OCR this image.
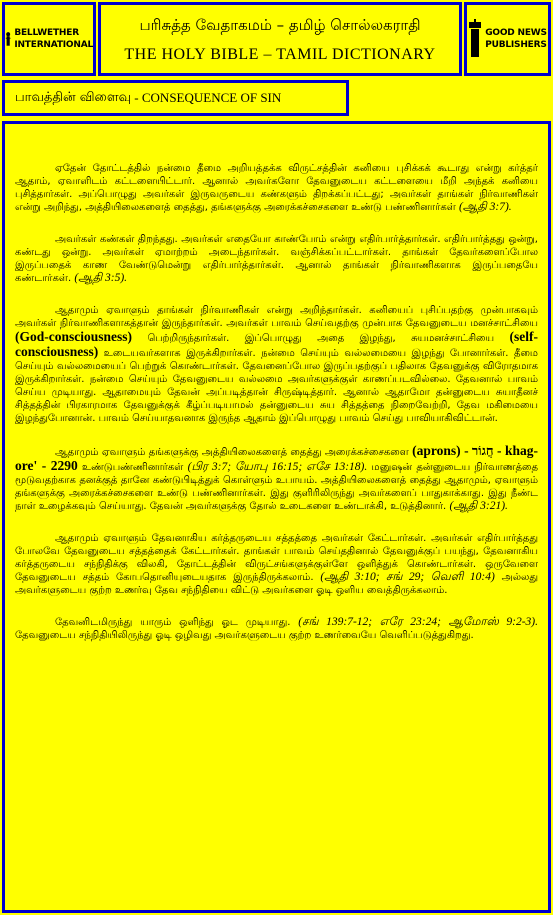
BELLWETHER
INTERNATIONAL
பரிசுத்த வேதாகமம் – தமிழ் சொல்லகராதி
THE HOLY BIBLE – TAMIL DICTIONARY
GOOD NEWS
PUBLISHERS
பாவத்தின் விளைவு - CONSEQUENCE OF SIN

ஏதேன் தோட்டத்தில் நன்மை தீமை அறியத்தக்க விருட்சத்தின் கனியை புசிக்கக் கூடாது என்று கர்த்தர் ஆதாம், ஏவாளிடம் கட்டளையிட்டார். ஆனால் அவர்களோ தேவனுடைய கட்டளையை மீறி அந்தக் கனியை புசித்தார்கள். அப்பொழுது அவர்கள் இருவருடைய கண்களும் திறக்கப்பட்டது; அவர்கள் தாங்கள் நிர்வாணிகள் என்று அறிந்து, அத்தியிலைகளைத் தைத்து, தங்களுக்கு அரைக்கச்சைகளை உண்டு பண்ணினார்கள் (ஆதி 3:7).

அவர்கள் கண்கள் திறந்தது. அவர்கள் எதையோ காண்போம் என்று எதிர்பார்த்தார்கள். எதிர்பார்த்தது ஒன்று, கண்டது ஒன்று. அவர்கள் ஏமாற்றம் அடைந்தார்கள். வஞ்சிக்கப்பட்டார்கள். தாங்கள் தேவர்களைப்போல இருப்பதைக் காண வேண்டுமென்று எதிர்பார்த்தார்கள். ஆனால் தாங்கள் நிர்வாணிகளாக இருப்பதையே கண்டார்கள். (ஆதி 3:5).

ஆதாமும் ஏவாளும் தாங்கள் நிர்வாணிகள் என்று அறிந்தார்கள். கனியைப் புசிப்பதற்கு முன்பாகவும் அவர்கள் நிர்வாணிகளாகத்தான் இருந்தார்கள். அவர்கள் பாவம் செய்வதற்கு முன்பாக தேவனுடைய மனச்சாட்சியை (God-consciousness) பெற்றிருந்தார்கள். இப்பொழுது அதை இழந்து, சுயமனச்சாட்சியை (self-consciousness) உடையவர்களாக இருக்கிறார்கள். நன்மை செய்யும் வல்லமையை இழந்து போனார்கள். தீமை செய்யும் வல்லமையைப் பெற்றுக் கொண்டார்கள். தேவனைப்போல இருப்பதற்குப் பதிலாக தேவனுக்கு விரோதமாக இருக்கிறார்கள். நன்மை செய்யும் தேவனுடைய வல்லமை அவர்களுக்குள் காணப்படவில்லை. தேவனால் பாவம் செய்ய முடியாது. ஆதாமையும் தேவன் அப்படித்தான் சிருஷ்டித்தார். ஆனால் ஆதாமோ தன்னுடைய சுயாதீனச் சித்தத்தின் பிரகாரமாக தேவனுக்குக் கீழ்ப்படியாமல் தன்னுடைய சுய சித்தத்தை நிறைவேற்றி, தேவ மகிமையை இழந்துபோனான். பாவம் செய்யாதவனாக இருந்த ஆதாம் இப்பொழுது பாவம் செய்து பாவியாகிவிட்டான்.

ஆதாமும் ஏவாளும் தங்களுக்கு அத்தியிலைகளைத் தைத்து அரைக்கச்சைகளை (aprons) - חֲגוֹר - khag-ore' - 2290 உண்டுபண்ணினார்கள் (பிர 3:7; யோபு 16:15; எசே 13:18). மனுஷன் தன்னுடைய நிர்வாணத்தை மூடுவதற்காக தனக்குத் தானே கண்டுபிடித்துக் கொள்ளும் உபாயம். அத்தியிலைகளைத் தைத்து ஆதாமும், ஏவாளும் தங்களுக்கு அரைக்கச்சைகளை உண்டு பண்ணினார்கள். இது குளிரிலிருந்து அவர்களைப் பாதுகாக்காது. இது நீண்ட நாள் உழைக்கவும் செய்யாது. தேவன் அவர்களுக்கு தோல் உடைகளை உண்டாக்கி, உடுத்தினார். (ஆதி 3:21).

ஆதாமும் ஏவாளும் தேவனாகிய கர்த்தருடைய சத்தத்தை அவர்கள் கேட்டார்கள். அவர்கள் எதிர்பார்த்தது போலவே தேவனுடைய சத்தத்தைக் கேட்டார்கள். தாங்கள் பாவம் செய்ததினால் தேவனுக்குப் பயந்து, தேவனாகிய கர்த்தருடைய சந்நிதிக்கு விலகி, தோட்டத்தின் விருட்சங்களுக்குள்ளே ஒளித்துக் கொண்டார்கள். ஒருவேளை தேவனுடைய சத்தம் கோபதொனியுடையதாக இருந்திருக்கலாம். (ஆதி 3:10; சங் 29; வெளி 10:4) அல்லது அவர்களுடைய குற்ற உணர்வு தேவ சந்நிதியை விட்டு அவர்களை ஓடி ஒளிய வைத்திருக்கலாம்.

தேவனிடமிருந்து யாரும் ஒளிந்து ஓட முடியாது. (சங் 139:7-12; எரே 23:24; ஆமோஸ் 9:2-3). தேவனுடைய சந்நிதியிலிருந்து ஓடி ஒழிவது அவர்களுடைய குற்ற உணர்வையே வெளிப்படுத்துகிறது.
